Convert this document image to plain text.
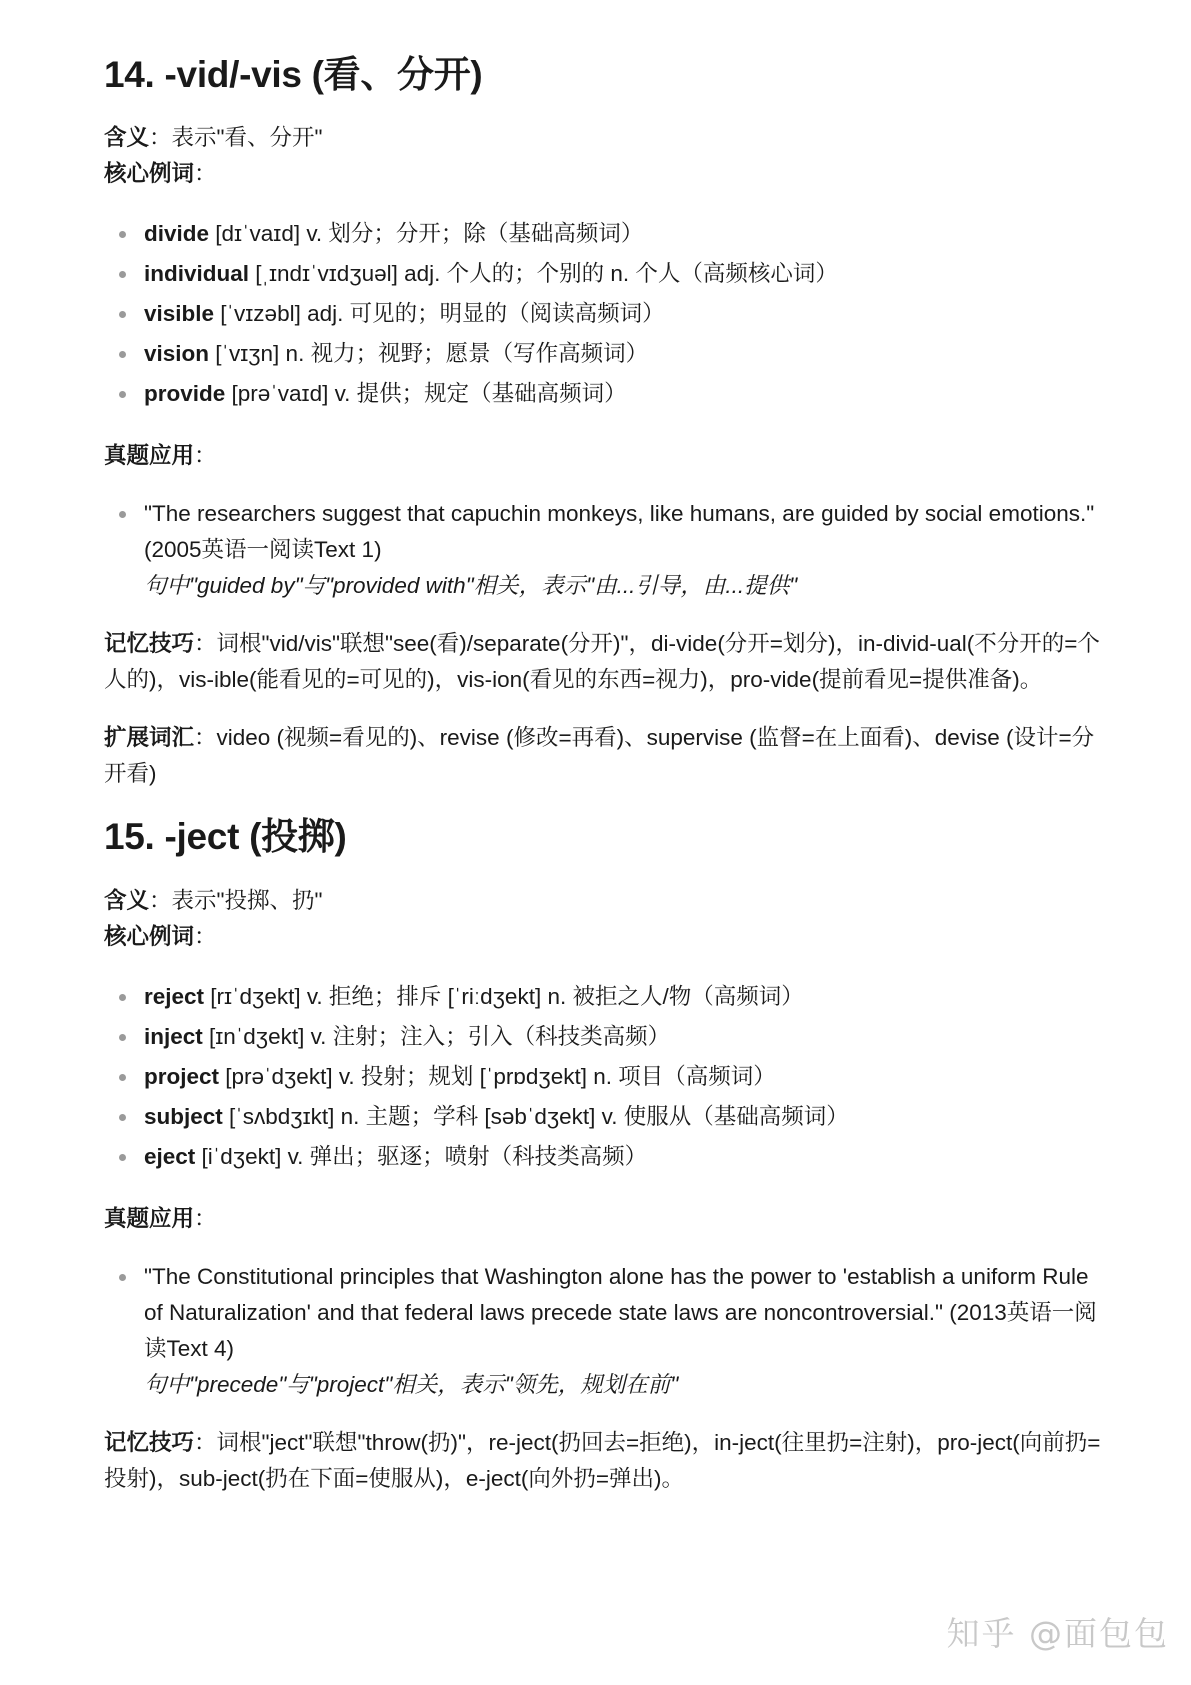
14. -vid/-vis (看、分开)

含义：表示"看、分开"

核心例词：

divide [dɪˈvaɪd] v. 划分；分开；除（基础高频词）
individual [ˌɪndɪˈvɪdʒuəl] adj. 个人的；个别的 n. 个人（高频核心词）
visible [ˈvɪzəbl] adj. 可见的；明显的（阅读高频词）
vision [ˈvɪʒn] n. 视力；视野；愿景（写作高频词）
provide [prəˈvaɪd] v. 提供；规定（基础高频词）

真题应用：

"The researchers suggest that capuchin monkeys, like humans, are guided by social emotions." (2005英语一阅读Text 1)
句中"guided by"与"provided with"相关，表示"由...引导，由...提供"

记忆技巧：词根"vid/vis"联想"see(看)/separate(分开)"，di-vide(分开=划分)，in-divid-ual(不分开的=个人的)，vis-ible(能看见的=可见的)，vis-ion(看见的东西=视力)，pro-vide(提前看见=提供准备)。

扩展词汇：video (视频=看见的)、revise (修改=再看)、supervise (监督=在上面看)、devise (设计=分开看)

15. -ject (投掷)

含义：表示"投掷、扔"

核心例词：

reject [rɪˈdʒekt] v. 拒绝；排斥 [ˈriːdʒekt] n. 被拒之人/物（高频词）
inject [ɪnˈdʒekt] v. 注射；注入；引入（科技类高频）
project [prəˈdʒekt] v. 投射；规划 [ˈprɒdʒekt] n. 项目（高频词）
subject [ˈsʌbdʒɪkt] n. 主题；学科 [səbˈdʒekt] v. 使服从（基础高频词）
eject [iˈdʒekt] v. 弹出；驱逐；喷射（科技类高频）

真题应用：

"The Constitutional principles that Washington alone has the power to 'establish a uniform Rule of Naturalization' and that federal laws precede state laws are noncontroversial." (2013英语一阅读Text 4)
句中"precede"与"project"相关，表示"领先，规划在前"

记忆技巧：词根"ject"联想"throw(扔)"，re-ject(扔回去=拒绝)，in-ject(往里扔=注射)，pro-ject(向前扔=投射)，sub-ject(扔在下面=使服从)，e-ject(向外扔=弹出)。

知乎 @面包包
